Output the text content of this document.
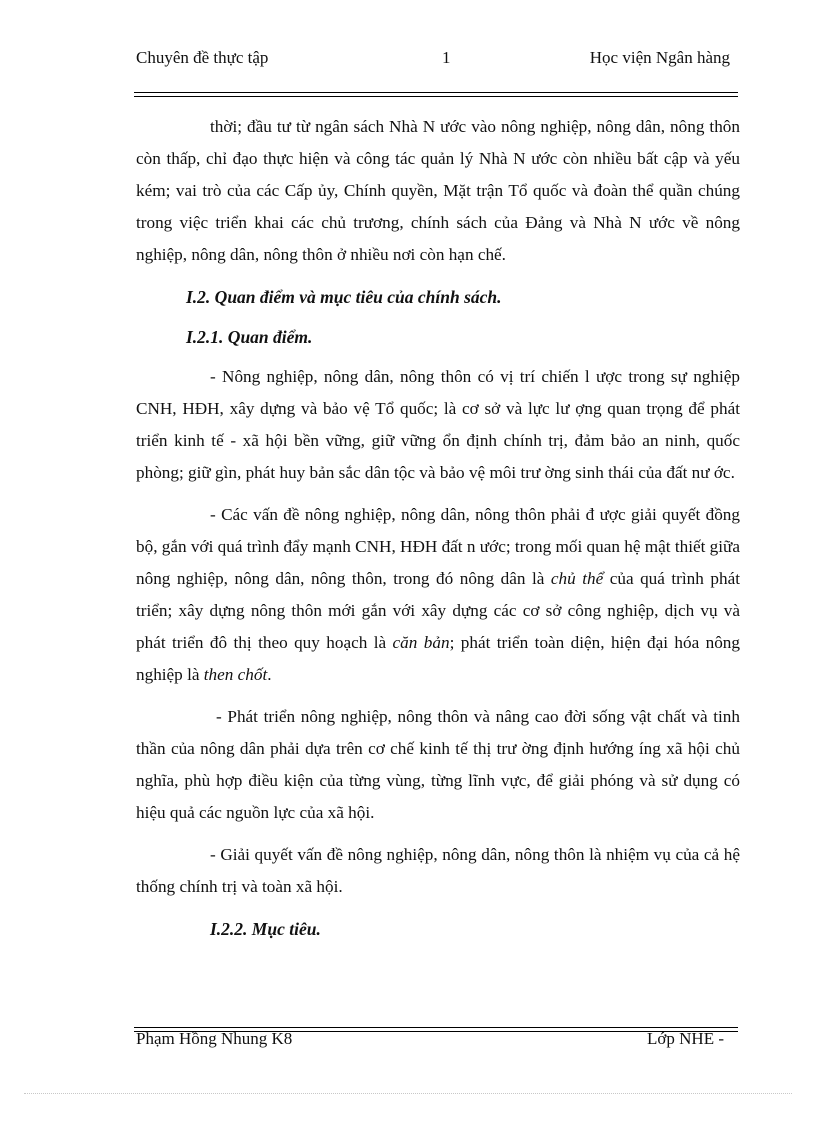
Chuyên đề thực tập	1	Học viện Ngân hàng

thời; đầu tư từ ngân sách Nhà N ước vào nông nghiệp, nông dân, nông thôn còn thấp, chỉ đạo thực hiện và công tác quản lý Nhà N ước còn nhiều bất cập và yếu kém; vai trò của các Cấp ủy, Chính quyền, Mặt trận Tổ quốc và đoàn thể quần chúng trong việc triển khai các chủ trương, chính sách của Đảng và Nhà N ước về nông nghiệp, nông dân, nông thôn ở nhiều nơi còn hạn chế.

I.2. Quan điểm và mục tiêu của chính sách.
I.2.1. Quan điểm.

- Nông nghiệp, nông dân, nông thôn có vị trí chiến l ược trong sự nghiệp CNH, HĐH, xây dựng và bảo vệ Tổ quốc; là cơ sở và lực lư ợng quan trọng để phát triển kinh tế - xã hội bền vững, giữ vững ổn định chính trị, đảm bảo an ninh, quốc phòng; giữ gìn, phát huy bản sắc dân tộc và bảo vệ môi trư ờng sinh thái của đất nư ớc.

- Các vấn đề nông nghiệp, nông dân, nông thôn phải đ ược giải quyết đồng bộ, gắn với quá trình đẩy mạnh CNH, HĐH đất n ước; trong mối quan hệ mật thiết giữa nông nghiệp, nông dân, nông thôn, trong đó nông dân là chủ thể của quá trình phát triển; xây dựng nông thôn mới gắn với xây dựng các cơ sở công nghiệp, dịch vụ và phát triển đô thị theo quy hoạch là căn bản; phát triển toàn diện, hiện đại hóa nông nghiệp là then chốt.

- Phát triển nông nghiệp, nông thôn và nâng cao đời sống vật chất và tinh thần của nông dân phải dựa trên cơ chế kinh tế thị trư ờng định hướng íng xã hội chủ nghĩa, phù hợp điều kiện của từng vùng, từng lĩnh vực, để giải phóng và sử dụng có hiệu quả các nguồn lực của xã hội.

- Giải quyết vấn đề nông nghiệp, nông dân, nông thôn là nhiệm vụ của cả hệ thống chính trị và toàn xã hội.

I.2.2. Mục tiêu.
Phạm Hồng Nhung K8	Lớp NHE -
